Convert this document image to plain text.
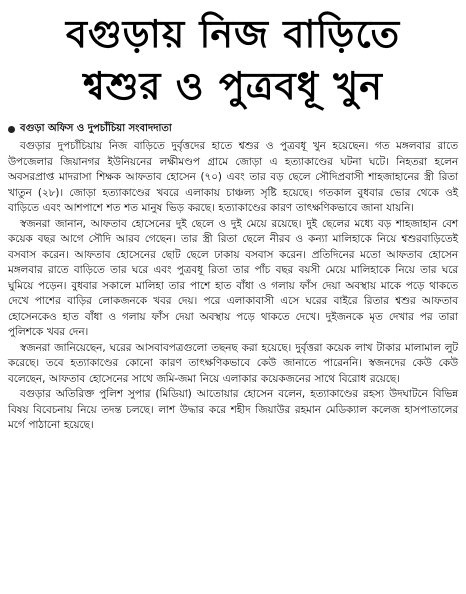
বগুড়ায় নিজ বাড়িতে
শ্বশুর ও পুত্রবধূ খুন
বগুড়া অফিস ও দুপচাঁচিয়া সংবাদদাতা

বগুড়ার দুপচাঁচিয়ায় নিজ বাড়িতে দুর্বৃত্তদের হাতে শ্বশুর ও পুত্রবধূ খুন হয়েছেন। গত মঙ্গলবার রাতে উপজেলার জিয়ানগর ইউনিয়নের লক্ষীমণ্ডপ গ্রামে জোড়া এ হত্যাকাণ্ডের ঘটনা ঘটে। নিহতরা হলেন অবসরপ্রাপ্ত মাদরাসা শিক্ষক আফতাব হোসেন (৭০) এবং তার বড় ছেলে সৌদিপ্রবাসী শাহজাহানের স্ত্রী রিতা খাতুন (২৮)। জোড়া হত্যাকাণ্ডের খবরে এলাকায় চাঞ্চল্য সৃষ্টি হয়েছে। গতকাল বুধবার ভোর থেকে ওই বাড়িতে এবং আশপাশে শত শত মানুষ ভিড় করছে। হত্যাকাণ্ডের কারণ তাৎক্ষণিকভাবে জানা যায়নি।

স্বজনরা জানান, আফতাব হোসেনের দুই ছেলে ও দুই মেয়ে রয়েছে। দুই ছেলের মধ্যে বড় শাহজাহান বেশ কয়েক বছর আগে সৌদি আরব গেছেন। তার স্ত্রী রিতা ছেলে নীরব ও কন্যা মালিহাকে নিয়ে শ্বশুরবাড়িতেই বসবাস করেন। আফতাব হোসেনের ছোট ছেলে ঢাকায় বসবাস করেন। প্রতিদিনের মতো আফতাব হোসেন মঙ্গলবার রাতে বাড়িতে তার ঘরে এবং পুত্রবধূ রিতা তার পাঁচ বছর বয়সী মেয়ে মালিহাকে নিয়ে তার ঘরে ঘুমিয়ে পড়েন। বুধবার সকালে মালিহা তার পাশে হাত বাঁধা ও গলায় ফাঁস দেয়া অবস্থায় মাকে পড়ে থাকতে দেখে পাশের বাড়ির লোকজনকে খবর দেয়। পরে এলাকাবাসী এসে ঘরের বাইরে রিতার শ্বশুর আফতাব হোসেনকেও হাত বাঁধা ও গলায় ফাঁস দেয়া অবস্থায় পড়ে থাকতে দেখে। দুইজনকে মৃত দেখার পর তারা পুলিশকে খবর দেন।

স্বজনরা জানিয়েছেন, ঘরের আসবাবপত্রগুলো তছনছ করা হয়েছে। দুর্বৃত্তরা কয়েক লাখ টাকার মালামাল লুট করেছে। তবে হত্যাকাণ্ডের কোনো কারণ তাৎক্ষণিকভাবে কেউ জানাতে পারেননি। স্বজনদের কেউ কেউ বলেছেন, আফতাব হোসেনের সাথে জমি-জমা নিয়ে এলাকার কয়েকজনের সাথে বিরোধ রয়েছে।

বগুড়ার অতিরিক্ত পুলিশ সুপার (মিডিয়া) আতোয়ার হোসেন বলেন, হত্যাকাণ্ডের রহস্য উদঘাটনে বিভিন্ন বিষয় বিবেচনায় নিয়ে তদন্ত চলছে। লাশ উদ্ধার করে শহীদ জিয়াউর রহমান মেডিক্যাল কলেজ হাসপাতালের মর্গে পাঠানো হয়েছে।
